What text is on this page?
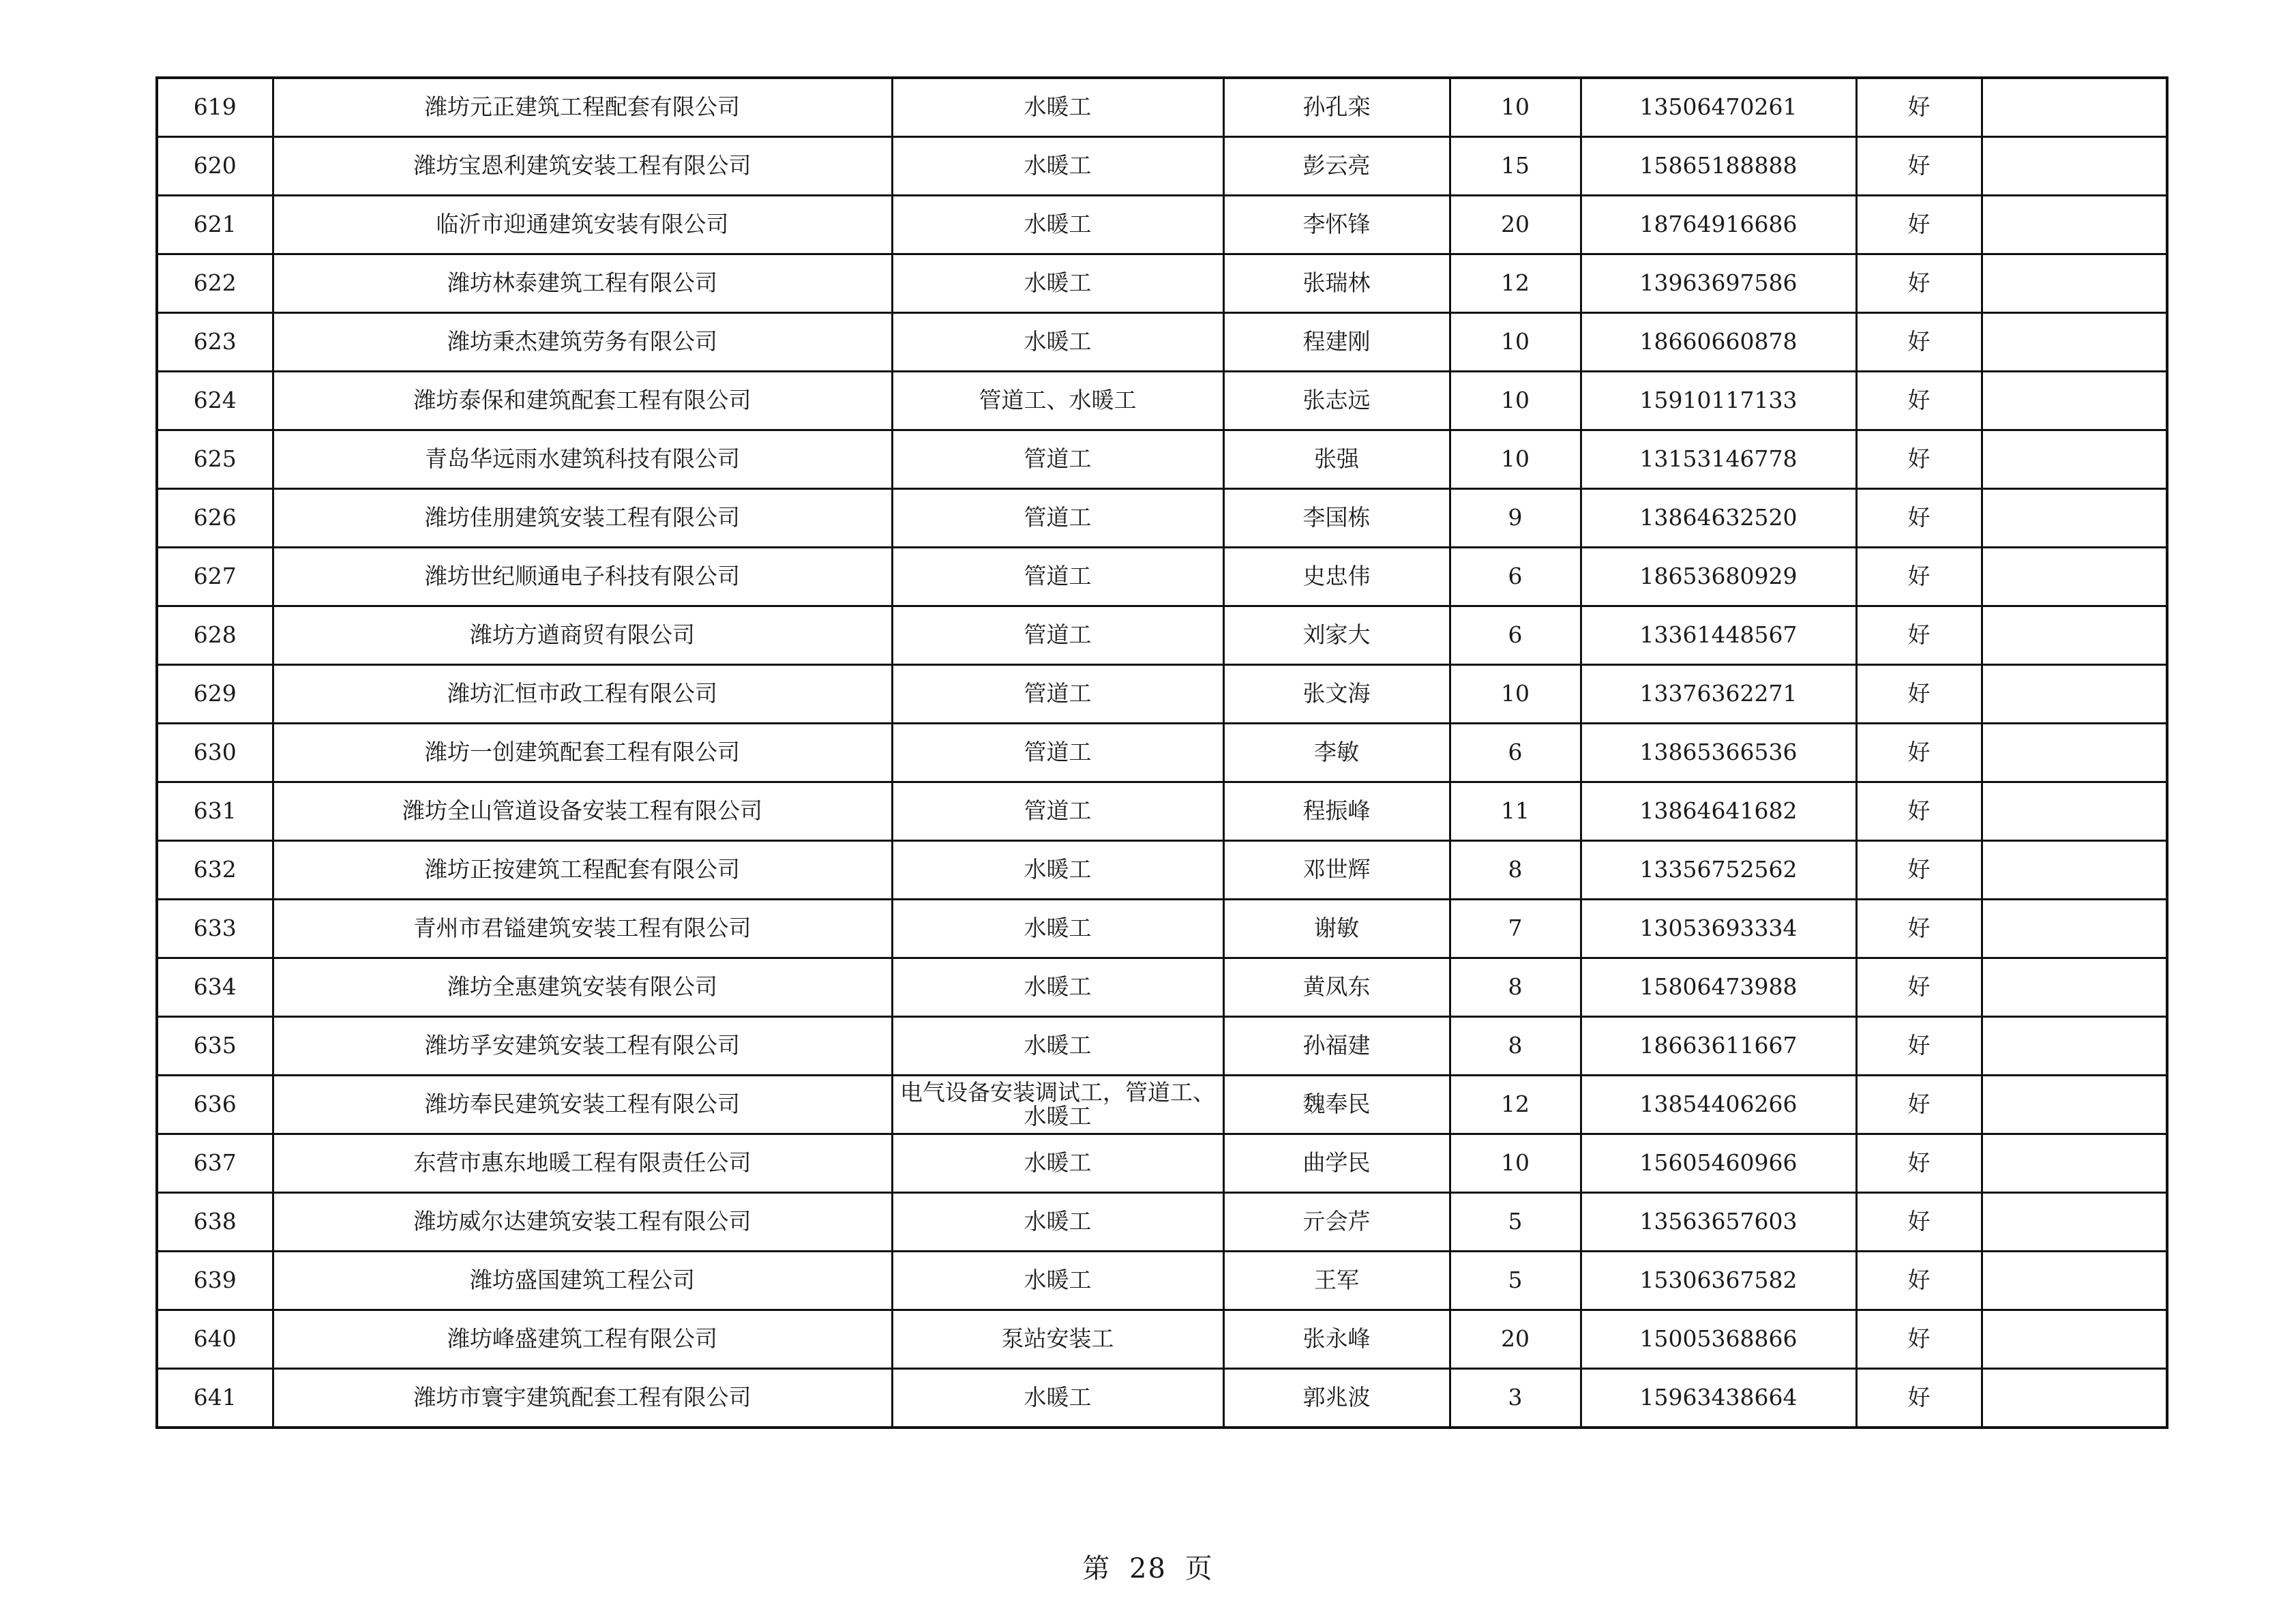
619	潍坊元正建筑工程配套有限公司	水暖工	孙孔栾	10	13506470261	好	
620	潍坊宝恩利建筑安装工程有限公司	水暖工	彭云亮	15	15865188888	好	
621	临沂市迎通建筑安装有限公司	水暖工	李怀锋	20	18764916686	好	
622	潍坊林泰建筑工程有限公司	水暖工	张瑞林	12	13963697586	好	
623	潍坊秉杰建筑劳务有限公司	水暖工	程建刚	10	18660660878	好	
624	潍坊泰保和建筑配套工程有限公司	管道工、水暖工	张志远	10	15910117133	好	
625	青岛华远雨水建筑科技有限公司	管道工	张强	10	13153146778	好	
626	潍坊佳朋建筑安装工程有限公司	管道工	李国栋	9	13864632520	好	
627	潍坊世纪顺通电子科技有限公司	管道工	史忠伟	6	18653680929	好	
628	潍坊方遒商贸有限公司	管道工	刘家大	6	13361448567	好	
629	潍坊汇恒市政工程有限公司	管道工	张文海	10	13376362271	好	
630	潍坊一创建筑配套工程有限公司	管道工	李敏	6	13865366536	好	
631	潍坊全山管道设备安装工程有限公司	管道工	程振峰	11	13864641682	好	
632	潍坊正按建筑工程配套有限公司	水暖工	邓世辉	8	13356752562	好	
633	青州市君镒建筑安装工程有限公司	水暖工	谢敏	7	13053693334	好	
634	潍坊全惠建筑安装有限公司	水暖工	黄凤东	8	15806473988	好	
635	潍坊孚安建筑安装工程有限公司	水暖工	孙福建	8	18663611667	好	
636	潍坊奉民建筑安装工程有限公司	电气设备安装调试工，管道工、水暖工	魏奉民	12	13854406266	好	
637	东营市惠东地暖工程有限责任公司	水暖工	曲学民	10	15605460966	好	
638	潍坊威尔达建筑安装工程有限公司	水暖工	亓会芹	5	13563657603	好	
639	潍坊盛国建筑工程公司	水暖工	王军	5	15306367582	好	
640	潍坊峰盛建筑工程有限公司	泵站安装工	张永峰	20	15005368866	好	
641	潍坊市寰宇建筑配套工程有限公司	水暖工	郭兆波	3	15963438664	好	
第 28 页
